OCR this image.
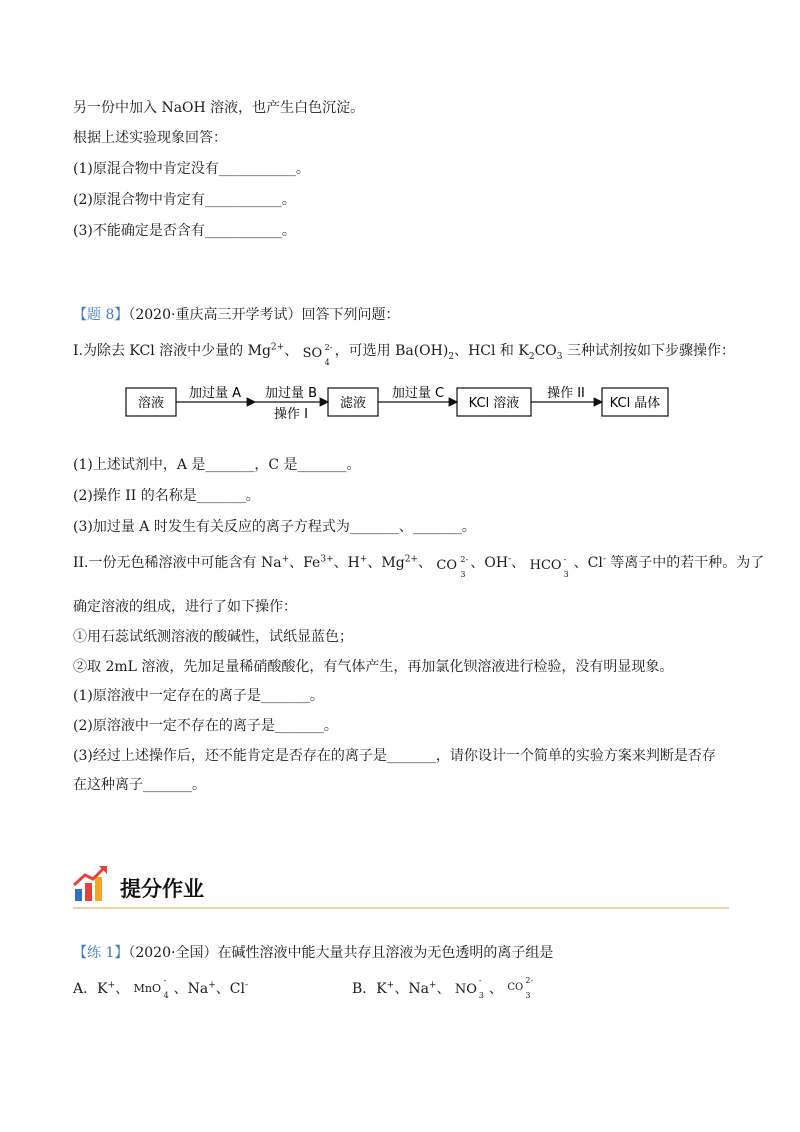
另一份中加入 NaOH 溶液，也产生白色沉淀。
根据上述实验现象回答：
(1)原混合物中肯定没有___________。
(2)原混合物中肯定有___________。
(3)不能确定是否含有___________。
【题 8】（2020·重庆高三开学考试）回答下列问题：
I.为除去 KCl 溶液中少量的 $Mg^{2+}$、 SO 2-
4
，可选用 $Ba(OH)_2$、HCl 和 $K_2CO_3$ 三种试剂按如下步骤操作：
溶液
加过量 A 加过量 B
操作 I
滤液
加过量 C
KCl 溶液
操作 II
KCl 晶体
(1)上述试剂中，A 是_______，C 是_______。
(2)操作 II 的名称是_______。
(3)加过量 A 时发生有关反应的离子方程式为_______、_______。
II.一份无色稀溶液中可能含有 Na+、$Fe^{3+}$、H+、$Mg^{2+}$、 CO 2-
3
、OH-、 HCO -
3
、Cl- 等离子中的若干种。为了
确定溶液的组成，进行了如下操作：
①用石蕊试纸测溶液的酸碱性，试纸显蓝色；
②取 2mL 溶液，先加足量稀硝酸酸化，有气体产生，再加氯化钡溶液进行检验，没有明显现象。
(1)原溶液中一定存在的离子是_______。
(2)原溶液中一定不存在的离子是_______。
(3)经过上述操作后，还不能肯定是否存在的离子是_______，请你设计一个简单的实验方案来判断是否存
在这种离子_______。
提分作业
【练 1】（2020·全国）在碱性溶液中能大量共存且溶液为无色透明的离子组是
A．K+、 MnO
-
4 、Na+、Cl-	B．K+、Na+、 NO
-
3 、 CO
2-
3
